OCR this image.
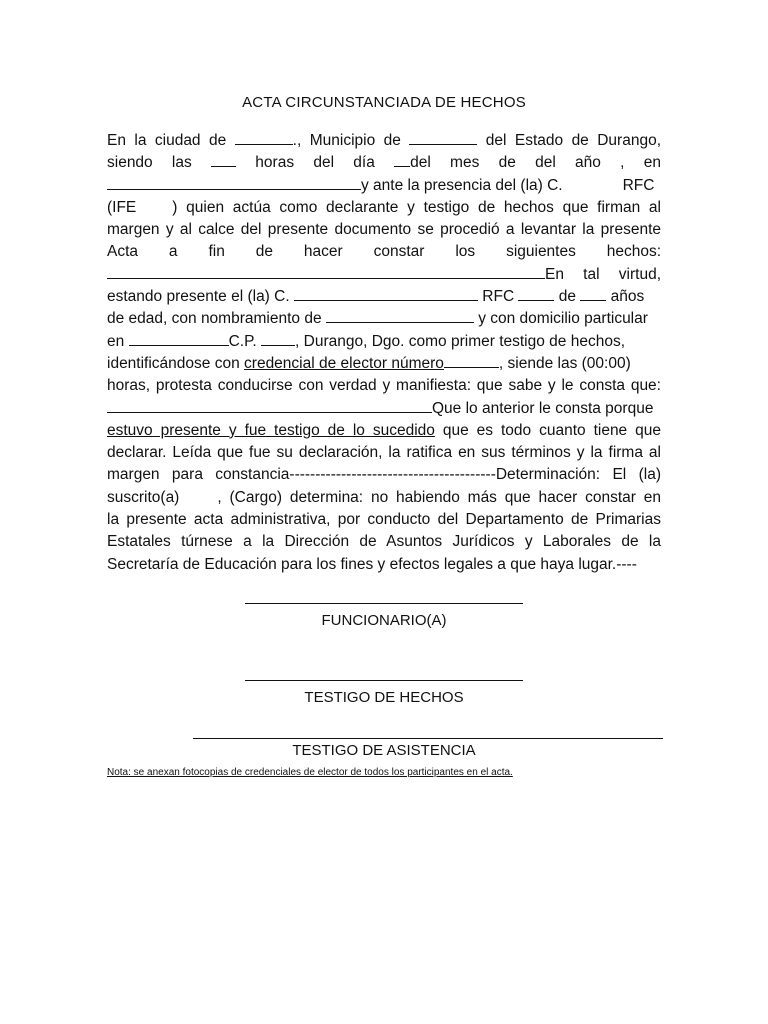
ACTA CIRCUNSTANCIADA DE HECHOS
En la ciudad de	., Municipio de	del Estado de Durango,
siendo las	horas del día del mes de del año , en
y ante la presencia del (la) C.	RFC
(IFE ) quien actúa como declarante y testigo de hechos que firman al
margen y al calce del presente documento se procedió a levantar la presente
Acta a fin de hacer constar los siguientes hechos:
En tal virtud,
estando presente el (la) C.	RFC	de años
de edad, con nombramiento de	y con domicilio particular
en	C.P. , Durango, Dgo. como primer testigo de hechos,
identificándose con credencial de elector número	, siende las (00:00)
horas, protesta conducirse con verdad y manifiesta: que sabe y le consta que:
Que lo anterior le consta porque
estuvo presente y fue testigo de lo sucedido que es todo cuanto tiene que
declarar. Leída que fue su declaración, la ratifica en sus términos y la firma al
margen para constancia----------------------------------------Determinación: El (la)
suscrito(a) , (Cargo) determina: no habiendo más que hacer constar en
la presente acta administrativa, por conducto del Departamento de Primarias
Estatales túrnese a la Dirección de Asuntos Jurídicos y Laborales de la
Secretaría de Educación para los fines y efectos legales a que haya lugar.----
FUNCIONARIO(A)
TESTIGO DE HECHOS
TESTIGO DE ASISTENCIA
Nota: se anexan fotocopias de credenciales de elector de todos los participantes en el acta.
